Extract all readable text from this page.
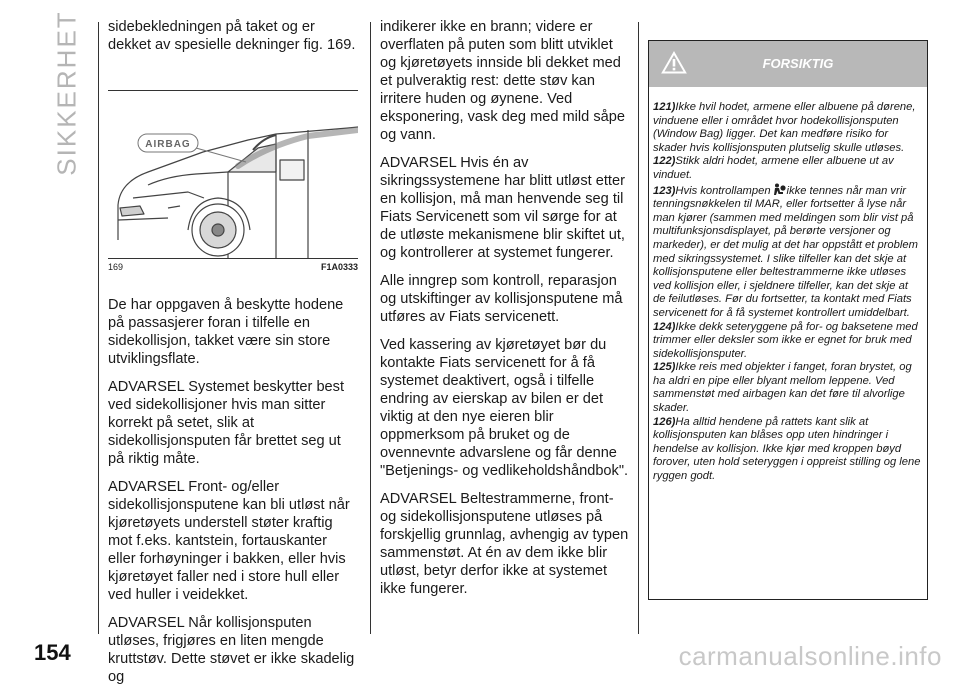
SIKKERHET
154

sidebekledningen på taket og er dekket av spesielle dekninger fig. 169.

AIRBAG
169	F1A0333

De har oppgaven å beskytte hodene på passasjerer foran i tilfelle en sidekollisjon, takket være sin store utviklingsflate.

ADVARSEL Systemet beskytter best ved sidekollisjoner hvis man sitter korrekt på setet, slik at sidekollisjonsputen får brettet seg ut på riktig måte.

ADVARSEL Front- og/eller sidekollisjonsputene kan bli utløst når kjøretøyets understell støter kraftig mot f.eks. kantstein, fortauskanter eller forhøyninger i bakken, eller hvis kjøretøyet faller ned i store hull eller ved huller i veidekket.

ADVARSEL Når kollisjonsputen utløses, frigjøres en liten mengde kruttstøv. Dette støvet er ikke skadelig og

indikerer ikke en brann; videre er overflaten på puten som blitt utviklet og kjøretøyets innside bli dekket med et pulveraktig rest: dette støv kan irritere huden og øynene. Ved eksponering, vask deg med mild såpe og vann.

ADVARSEL Hvis én av sikringssystemene har blitt utløst etter en kollisjon, må man henvende seg til Fiats Servicenett som vil sørge for at de utløste mekanismene blir skiftet ut, og kontrollerer at systemet fungerer.

Alle inngrep som kontroll, reparasjon og utskiftinger av kollisjonsputene må utføres av Fiats servicenett.

Ved kassering av kjøretøyet bør du kontakte Fiats servicenett for å få systemet deaktivert, også i tilfelle endring av eierskap av bilen er det viktig at den nye eieren blir oppmerksom på bruket og de ovennevnte advarslene og får denne "Betjenings- og vedlikeholdshåndbok".

ADVARSEL Beltestrammerne, front- og sidekollisjonsputene utløses på forskjellig grunnlag, avhengig av typen sammenstøt. At én av dem ikke blir utløst, betyr derfor ikke at systemet ikke fungerer.

FORSIKTIG

121)Ikke hvil hodet, armene eller albuene på dørene, vinduene eller i området hvor hodekollisjonsputen (Window Bag) ligger. Det kan medføre risiko for skader hvis kollisjonsputen plutselig skulle utløses.

122)Stikk aldri hodet, armene eller albuene ut av vinduet.

123)Hvis kontrollampen ikke tennes når man vrir tenningsnøkkelen til MAR, eller fortsetter å lyse når man kjører (sammen med meldingen som blir vist på multifunksjonsdisplayet, på berørte versjoner og markeder), er det mulig at det har oppstått et problem med sikringssystemet. I slike tilfeller kan det skje at kollisjonsputene eller beltestrammerne ikke utløses ved kollisjon eller, i sjeldnere tilfeller, kan det skje at de feilutløses. Før du fortsetter, ta kontakt med Fiats servicenett for å få systemet kontrollert umiddelbart.

124)Ikke dekk seteryggene på for- og baksetene med trimmer eller deksler som ikke er egnet for bruk med sidekollisjonsputer.

125)Ikke reis med objekter i fanget, foran brystet, og ha aldri en pipe eller blyant mellom leppene. Ved sammenstøt med airbagen kan det føre til alvorlige skader.

126)Ha alltid hendene på rattets kant slik at kollisjonsputen kan blåses opp uten hindringer i hendelse av kollisjon. Ikke kjør med kroppen bøyd forover, uten hold seteryggen i oppreist stilling og lene ryggen godt.

carmanualsonline.info
